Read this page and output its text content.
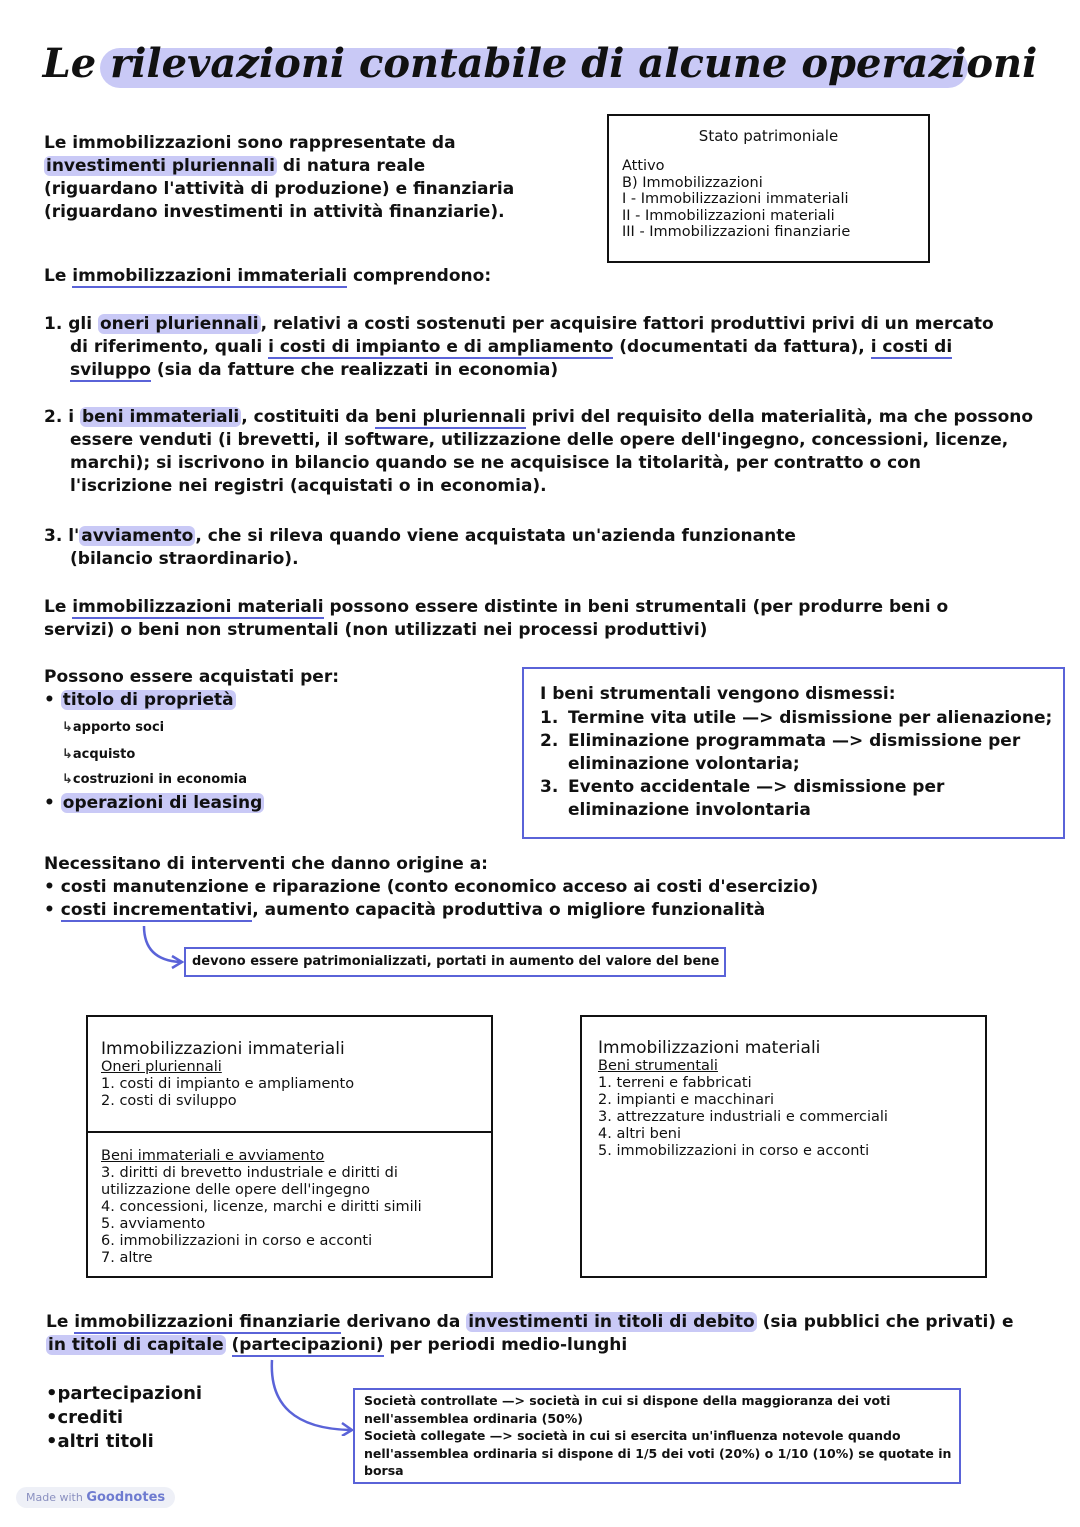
Le rilevazioni contabile di alcune operazioni
Le immobilizzazioni sono rappresentate da
investimenti pluriennali di natura reale
(riguardano l'attività di produzione) e finanziaria
(riguardano investimenti in attività finanziarie).
Stato patrimoniale
Attivo
B) Immobilizzazioni
I - Immobilizzazioni immateriali
II - Immobilizzazioni materiali
III - Immobilizzazioni finanziarie
Le immobilizzazioni immateriali comprendono:
1. gli oneri pluriennali , relativi a costi sostenuti per acquisire fattori produttivi privi di un mercato
di riferimento, quali i costi di impianto e di ampliamento (documentati da fattura), i costi di
sviluppo (sia da fatture che realizzati in economia)
2. i beni immateriali , costituiti da beni pluriennali privi del requisito della materialità, ma che possono
essere venduti (i brevetti, il software, utilizzazione delle opere dell'ingegno, concessioni, licenze,
marchi); si iscrivono in bilancio quando se ne acquisisce la titolarità, per contratto o con
l'iscrizione nei registri (acquistati o in economia).
3. l' avviamento , che si rileva quando viene acquistata un'azienda funzionante
(bilancio straordinario).
Le immobilizzazioni materiali possono essere distinte in beni strumentali (per produrre beni o
servizi) o beni non strumentali (non utilizzati nei processi produttivi)
Possono essere acquistati per:
• titolo di proprietà
↳apporto soci
↳acquisto
↳costruzioni in economia
• operazioni di leasing
I beni strumentali vengono dismessi:
1. Termine vita utile —> dismissione per alienazione;
2. Eliminazione programmata —> dismissione per
eliminazione volontaria;
3. Evento accidentale —> dismissione per
eliminazione involontaria
Necessitano di interventi che danno origine a:
• costi manutenzione e riparazione (conto economico acceso ai costi d'esercizio)
• costi incrementativi, aumento capacità produttiva o migliore funzionalità
devono essere patrimonializzati, portati in aumento del valore del bene
Immobilizzazioni immateriali
Oneri pluriennali
1. costi di impianto e ampliamento
2. costi di sviluppo
Beni immateriali e avviamento
3. diritti di brevetto industriale e diritti di
utilizzazione delle opere dell'ingegno
4. concessioni, licenze, marchi e diritti simili
5. avviamento
6. immobilizzazioni in corso e acconti
7. altre
Immobilizzazioni materiali
Beni strumentali
1. terreni e fabbricati
2. impianti e macchinari
3. attrezzature industriali e commerciali
4. altri beni
5. immobilizzazioni in corso e acconti
Le immobilizzazioni finanziarie derivano da investimenti in titoli di debito (sia pubblici che privati) e
in titoli di capitale (partecipazioni) per periodi medio-lunghi
•partecipazioni
•crediti
•altri titoli
Società controllate —> società in cui si dispone della maggioranza dei voti
nell'assemblea ordinaria (50%)
Società collegate —> società in cui si esercita un'influenza notevole quando
nell'assemblea ordinaria si dispone di 1/5 dei voti (20%) o 1/10 (10%) se quotate in
borsa
Made with Goodnotes
